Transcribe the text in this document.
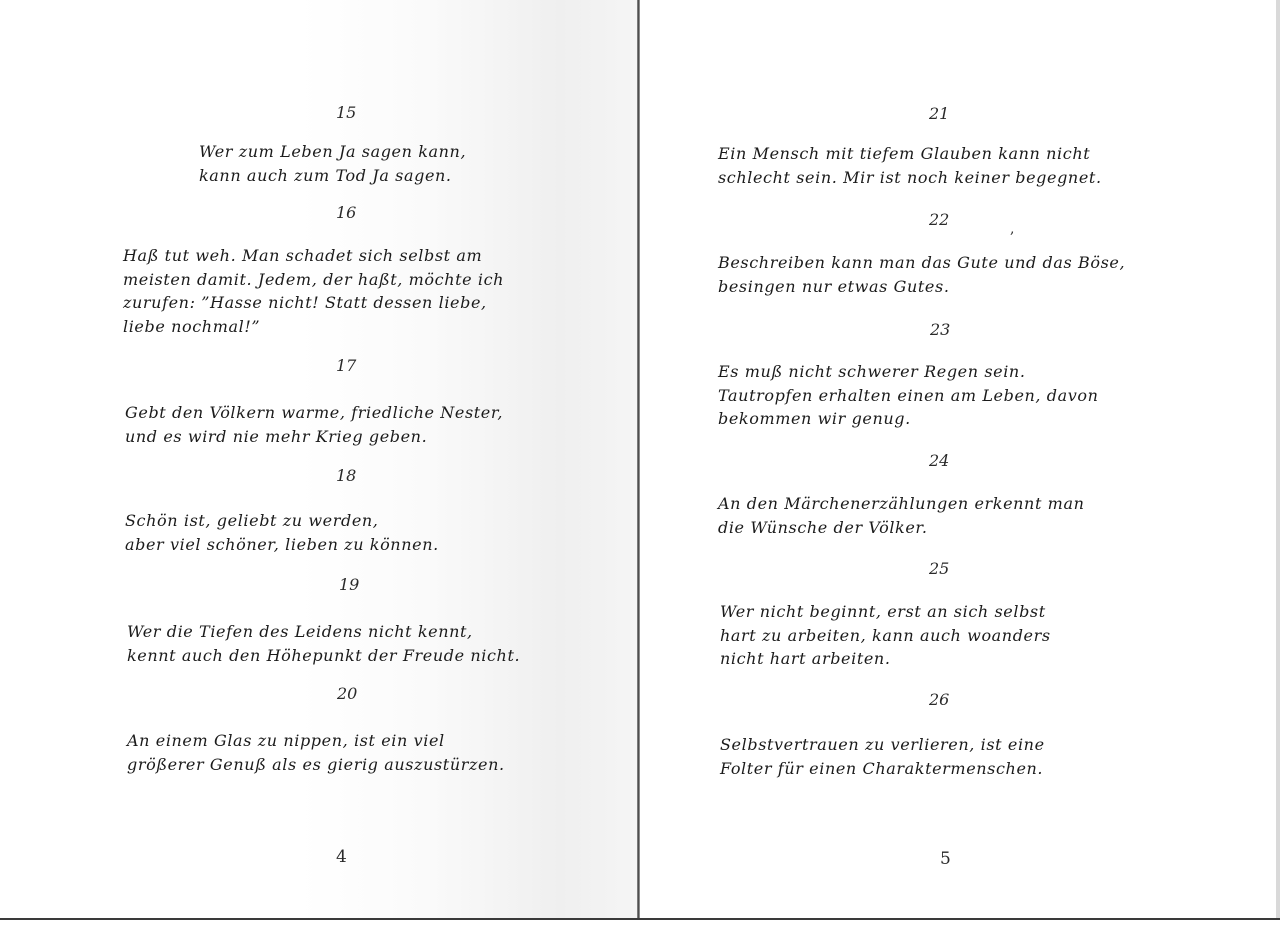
15
Wer zum Leben Ja sagen kann,
kann auch zum Tod Ja sagen.
16
Haß tut weh. Man schadet sich selbst am
meisten damit. Jedem, der haßt, möchte ich
zurufen: ”Hasse nicht! Statt dessen liebe,
liebe nochmal!”
17
Gebt den Völkern warme, friedliche Nester,
und es wird nie mehr Krieg geben.
18
Schön ist, geliebt zu werden,
aber viel schöner, lieben zu können.
19
Wer die Tiefen des Leidens nicht kennt,
kennt auch den Höhepunkt der Freude nicht.
20
An einem Glas zu nippen, ist ein viel
größerer Genuß als es gierig auszustürzen.
4
21
Ein Mensch mit tiefem Glauben kann nicht
schlecht sein. Mir ist noch keiner begegnet.
22	,
Beschreiben kann man das Gute und das Böse,
besingen nur etwas Gutes.
23
Es muß nicht schwerer Regen sein.
Tautropfen erhalten einen am Leben, davon
bekommen wir genug.
24
An den Märchenerzählungen erkennt man
die Wünsche der Völker.
25
Wer nicht beginnt, erst an sich selbst
hart zu arbeiten, kann auch woanders
nicht hart arbeiten.
26
Selbstvertrauen zu verlieren, ist eine
Folter für einen Charaktermenschen.
5
